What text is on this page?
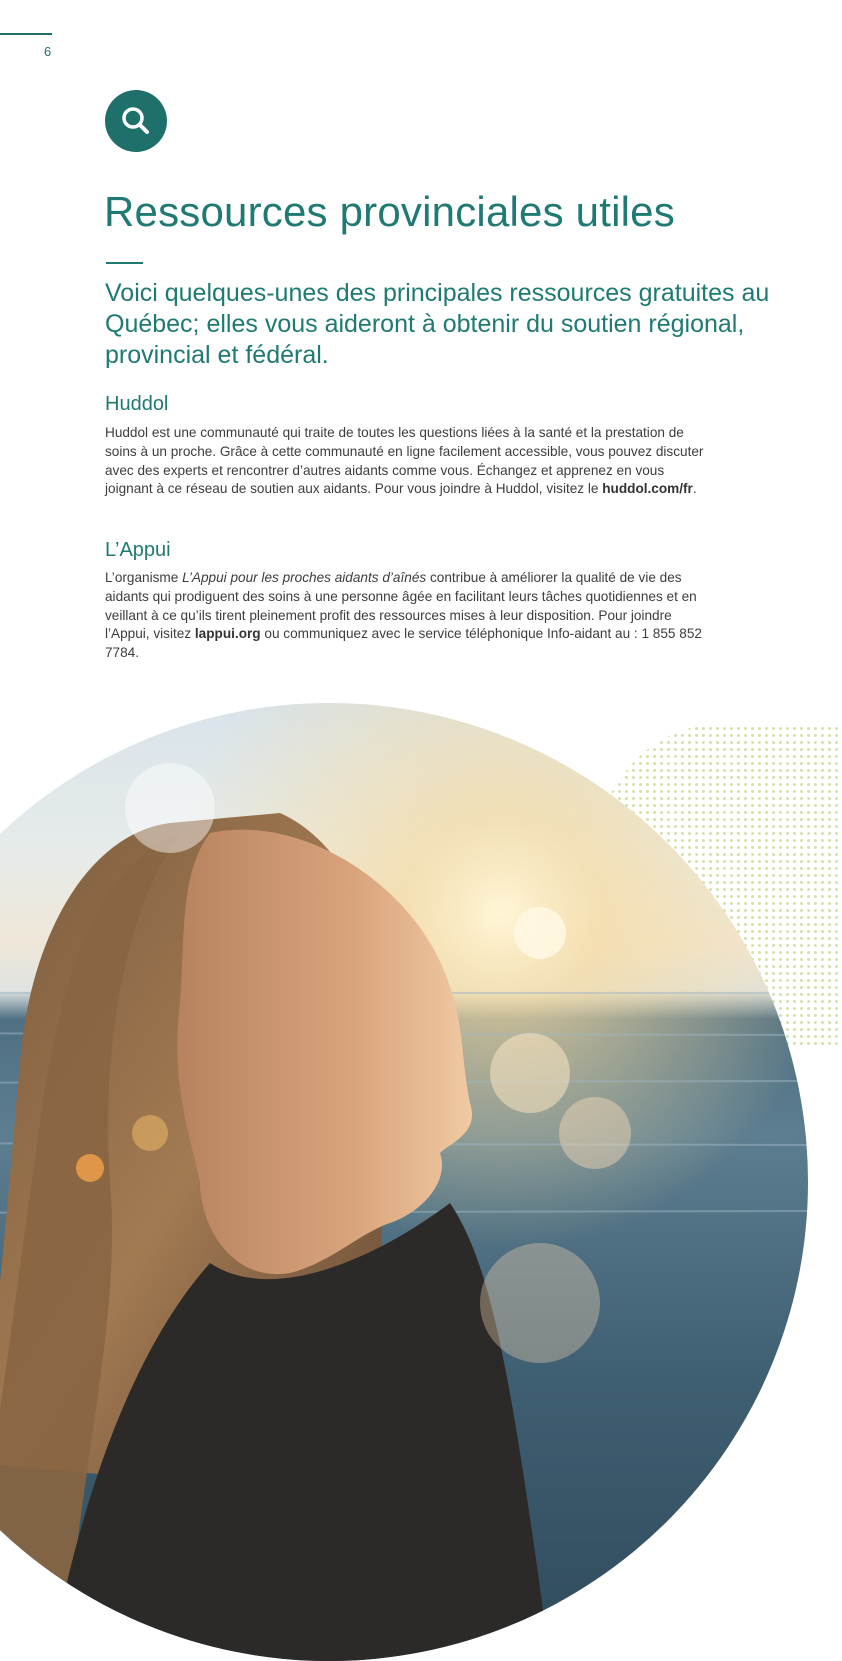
6
Ressources provinciales utiles

Voici quelques-unes des principales ressources gratuites au Québec; elles vous aideront à obtenir du soutien régional, provincial et fédéral.

Huddol

Huddol est une communauté qui traite de toutes les questions liées à la santé et la prestation de soins à un proche. Grâce à cette communauté en ligne facilement accessible, vous pouvez discuter avec des experts et rencontrer d’autres aidants comme vous. Échangez et apprenez en vous joignant à ce réseau de soutien aux aidants. Pour vous joindre à Huddol, visitez le huddol.com/fr.

L’Appui

L’organisme L’Appui pour les proches aidants d’aînés contribue à améliorer la qualité de vie des aidants qui prodiguent des soins à une personne âgée en facilitant leurs tâches quotidiennes et en veillant à ce qu’ils tirent pleinement profit des ressources mises à leur disposition. Pour joindre l’Appui, visitez lappui.org ou communiquez avec le service téléphonique Info-aidant au : 1 855 852 7784.
